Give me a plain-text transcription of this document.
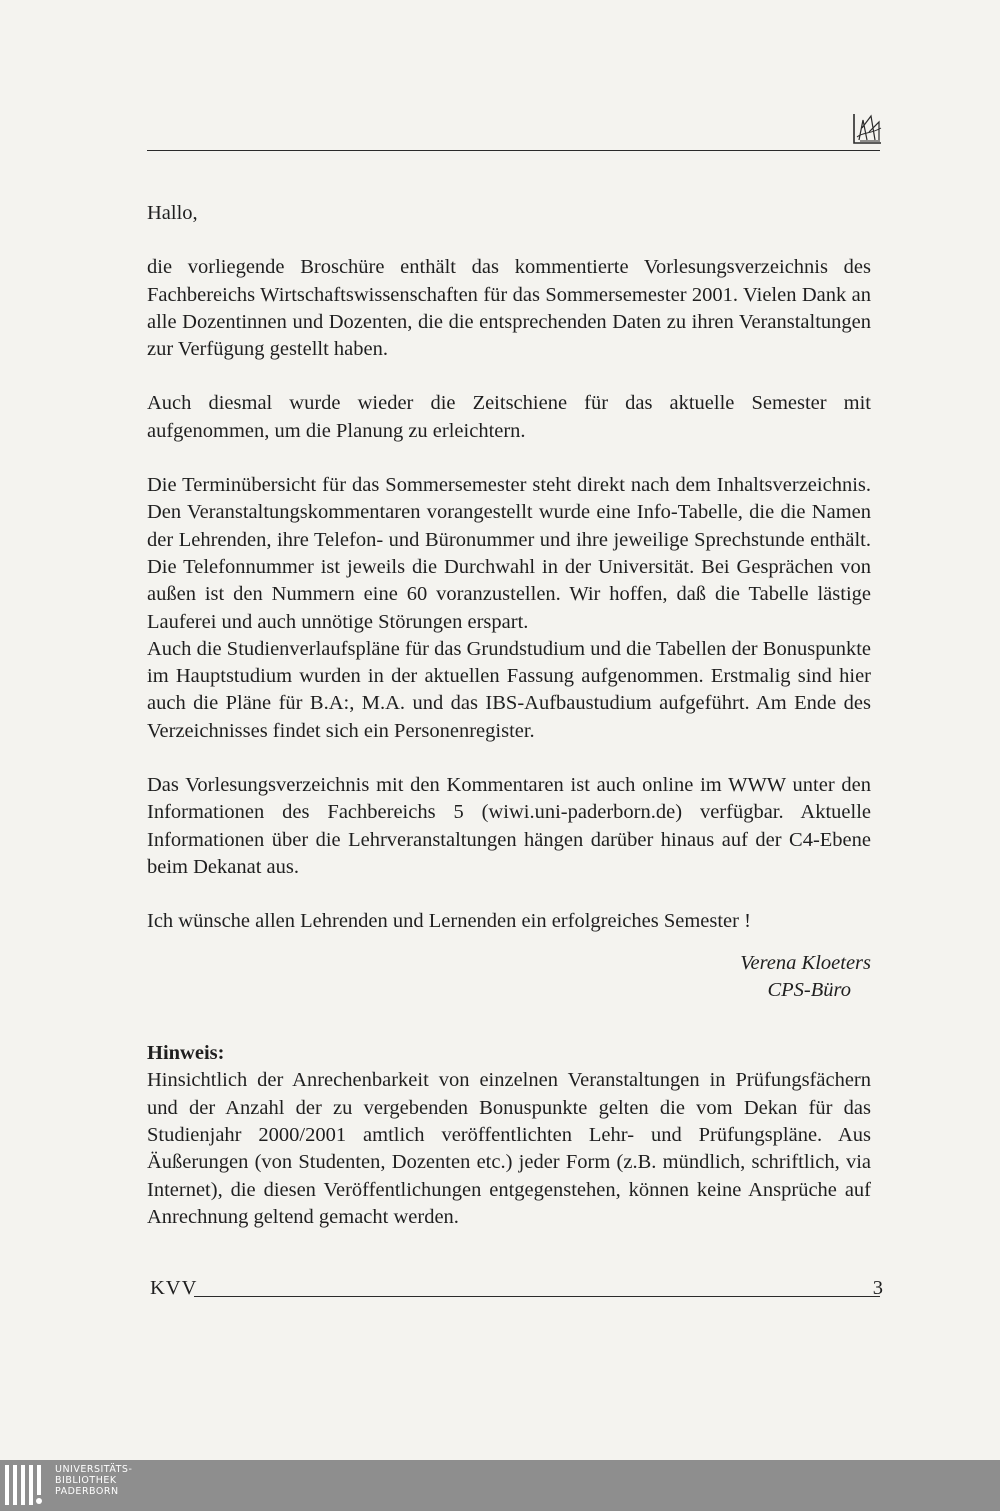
Hallo,

die vorliegende Broschüre enthält das kommentierte Vorlesungsverzeichnis des Fachbereichs Wirtschaftswissenschaften für das Sommersemester 2001. Vielen Dank an alle Dozentinnen und Dozenten, die die entsprechenden Daten zu ihren Veranstaltungen zur Verfügung gestellt haben.

Auch diesmal wurde wieder die Zeitschiene für das aktuelle Semester mit aufgenommen, um die Planung zu erleichtern.

Die Terminübersicht für das Sommersemester steht direkt nach dem Inhaltsverzeichnis. Den Veranstaltungskommentaren vorangestellt wurde eine Info-Tabelle, die die Namen der Lehrenden, ihre Telefon- und Büronummer und ihre jeweilige Sprechstunde enthält. Die Telefonnummer ist jeweils die Durchwahl in der Universität. Bei Gesprächen von außen ist den Nummern eine 60 voranzustellen. Wir hoffen, daß die Tabelle lästige Lauferei und auch unnötige Störungen erspart.

Auch die Studienverlaufspläne für das Grundstudium und die Tabellen der Bonuspunkte im Hauptstudium wurden in der aktuellen Fassung aufgenommen. Erstmalig sind hier auch die Pläne für B.A:, M.A. und das IBS-Aufbaustudium aufgeführt. Am Ende des Verzeichnisses findet sich ein Personenregister.

Das Vorlesungsverzeichnis mit den Kommentaren ist auch online im WWW unter den Informationen des Fachbereichs 5 (wiwi.uni-paderborn.de) verfügbar. Aktuelle Informationen über die Lehrveranstaltungen hängen darüber hinaus auf der C4-Ebene beim Dekanat aus.

Ich wünsche allen Lehrenden und Lernenden ein erfolgreiches Semester !

Verena Kloeters
CPS-Büro

Hinweis:

Hinsichtlich der Anrechenbarkeit von einzelnen Veranstaltungen in Prüfungsfächern und der Anzahl der zu vergebenden Bonuspunkte gelten die vom Dekan für das Studienjahr 2000/2001 amtlich veröffentlichten Lehr- und Prüfungspläne. Aus Äußerungen (von Studenten, Dozenten etc.) jeder Form (z.B. mündlich, schriftlich, via Internet), die diesen Veröffentlichungen entgegenstehen, können keine Ansprüche auf Anrechnung geltend gemacht werden.

KVV	3
UNIVERSITÄTS-
BIBLIOTHEK
PADERBORN
